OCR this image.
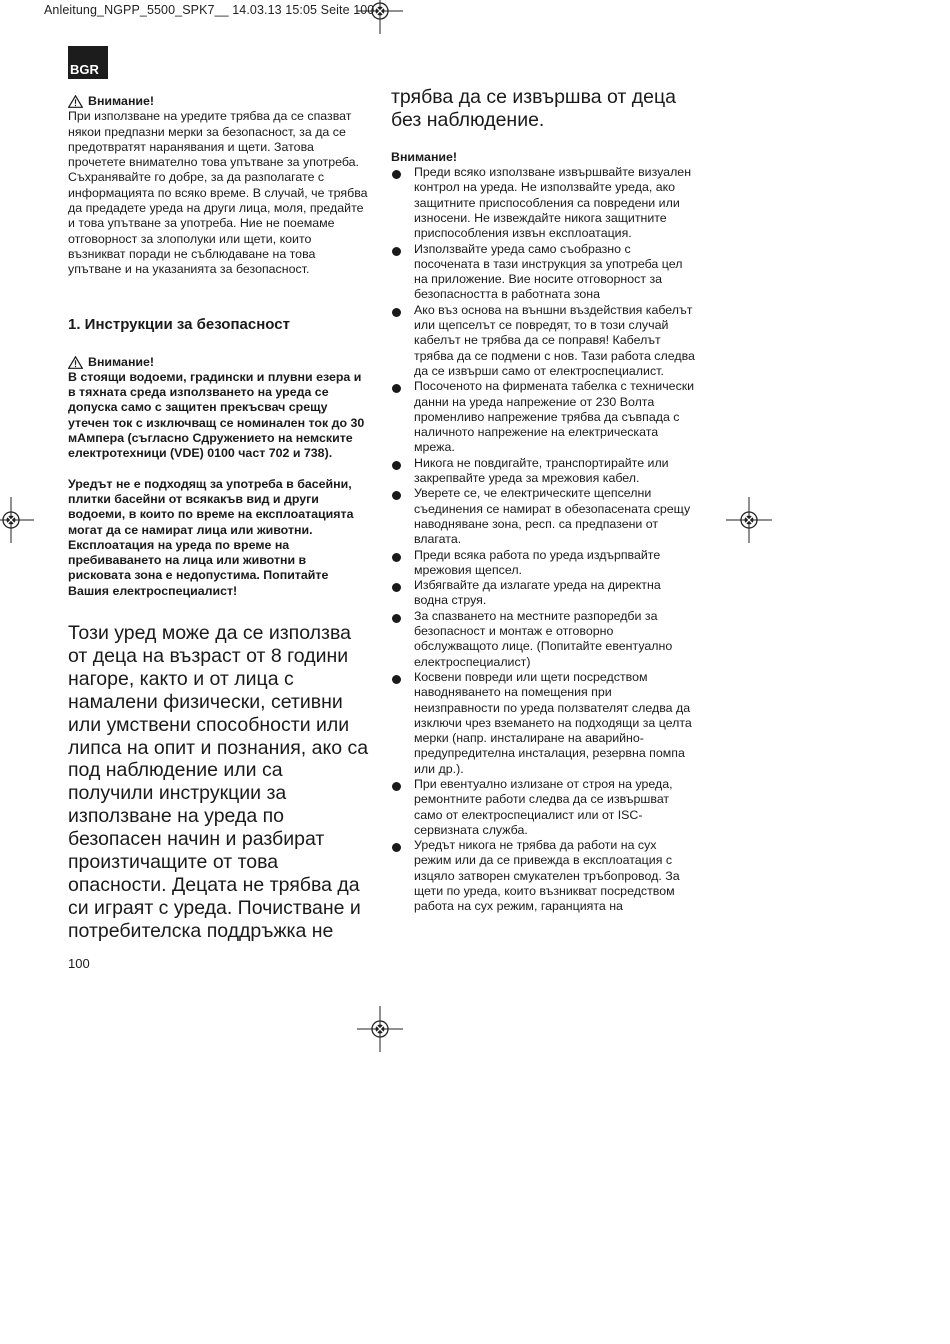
Anleitung_NGPP_5500_SPK7__ 14.03.13 15:05 Seite 100
BGR
Внимание!

При използване на уредите трябва да се спазват някои предпазни мерки за безопасност, за да се предотвратят наранявания и щети. Затова прочетете внимателно това упътване за употреба. Съхранявайте го добре, за да разполагате с информацията по всяко време. В случай, че трябва да предадете уреда на други лица, моля, предайте и това упътване за употреба. Ние не поемаме отговорност за злополуки или щети, които възникват поради не съблюдаване на това упътване и на указанията за безопасност.

1. Инструкции за безопасност
Внимание!

В стоящи водоеми, градински и плувни езера и в тяхната среда използването на уреда се допуска само с защитен прекъсвач срещу утечен ток с изключващ се номинален ток до 30 мАмпера (съгласно Сдружението на немските електротехници (VDE) 0100 част 702 и 738).

Уредът не е подходящ за употреба в басейни, плитки басейни от всякакъв вид и други водоеми, в които по време на експлоатацията могат да се намират лица или животни. Експлоатация на уреда по време на пребиваването на лица или животни в рисковата зона е недопустима. Попитайте Вашия електроспециалист!

Този уред може да се използва от деца на възраст от 8 години нагоре, както и от лица с намалени физически, сетивни или умствени способности или липса на опит и познания, ако са под наблюдение или са получили инструкции за използване на уреда по безопасен начин и разбират произтичащите от това опасности. Децата не трябва да си играят с уреда. Почистване и потребителска поддръжка не

трябва да се извършва от деца без наблюдение.

Внимание!

Преди всяко използване извършвайте визуален контрол на уреда. Не използвайте уреда, ако защитните приспособления са повредени или износени. Не извеждайте никога защитните приспособления извън експлоатация.
Използвайте уреда само съобразно с посочената в тази инструкция за употреба цел на приложение. Вие носите отговорност за безопасността в работната зона
Ако въз основа на външни въздействия кабелът или щепселът се повредят, то в този случай кабелът не трябва да се поправя! Кабелът трябва да се подмени с нов. Тази работа следва да се извърши само от електроспециалист.
Посоченото на фирмената табелка с технически данни на уреда напрежение от 230 Волта променливо напрежение трябва да съвпада с наличното напрежение на електрическата мрежа.
Никога не повдигайте, транспортирайте или закрепвайте уреда за мрежовия кабел.
Уверете се, че електрическите щепселни съединения се намират в обезопасената срещу наводняване зона, респ. са предпазени от влагата.
Преди всяка работа по уреда издърпвайте мрежовия щепсел.
Избягвайте да излагате уреда на директна водна струя.
За спазването на местните разпоредби за безопасност и монтаж е отговорно обслужващото лице. (Попитайте евентуално електроспециалист)
Косвени повреди или щети посредством наводняването на помещения при неизправности по уреда ползвателят следва да изключи чрез вземането на подходящи за целта мерки (напр. инсталиране на аварийно-предупредителна инсталация, резервна помпа или др.).
При евентуално излизане от строя на уреда, ремонтните работи следва да се извършват само от електроспециалист или от ISC-сервизната служба.
Уредът никога не трябва да работи на сух режим или да се привежда в експлоатация с изцяло затворен смукателен тръбопровод. За щети по уреда, които възникват посредством работа на сух режим, гаранцията на
100
